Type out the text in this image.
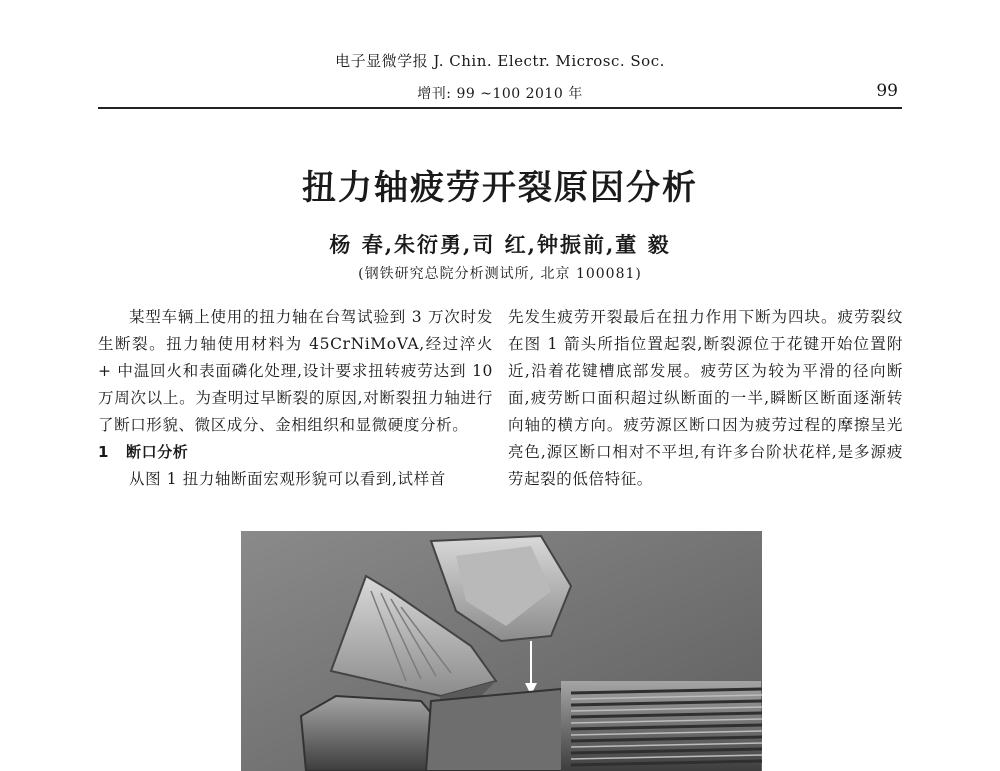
电子显微学报 J. Chin. Electr. Microsc. Soc.
增刊: 99 ~100 2010 年	99
扭力轴疲劳开裂原因分析
杨 春,朱衍勇,司 红,钟振前,董 毅
(钢铁研究总院分析测试所, 北京 100081)

某型车辆上使用的扭力轴在台驾试验到 3 万次时发生断裂。扭力轴使用材料为 45CrNiMoVA,经过淬火 + 中温回火和表面磷化处理,设计要求扭转疲劳达到 10 万周次以上。为查明过早断裂的原因,对断裂扭力轴进行了断口形貌、微区成分、金相组织和显微硬度分析。

1 断口分析

从图 1 扭力轴断面宏观形貌可以看到,试样首

先发生疲劳开裂最后在扭力作用下断为四块。疲劳裂纹在图 1 箭头所指位置起裂,断裂源位于花键开始位置附近,沿着花键槽底部发展。疲劳区为较为平滑的径向断面,疲劳断口面积超过纵断面的一半,瞬断区断面逐渐转向轴的横方向。疲劳源区断口因为疲劳过程的摩擦呈光亮色,源区断口相对不平坦,有许多台阶状花样,是多源疲劳起裂的低倍特征。
